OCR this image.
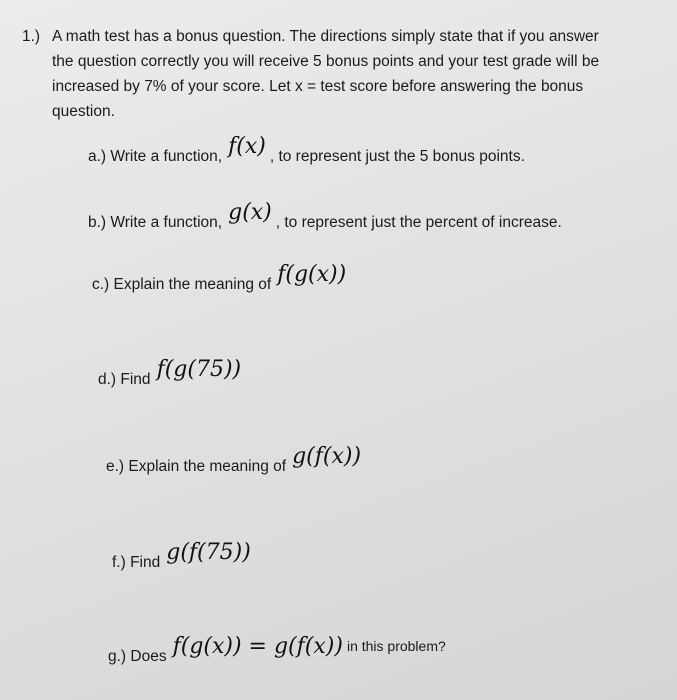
1.) A math test has a bonus question. The directions simply state that if you answer
the question correctly you will receive 5 bonus points and your test grade will be
increased by 7% of your score. Let x = test score before answering the bonus
question.
a.) Write a function, f(x) , to represent just the 5 bonus points.
b.) Write a function, g(x) , to represent just the percent of increase.
c.) Explain the meaning of f(g(x))
d.) Find f(g(75))
e.) Explain the meaning of g(f(x))
f.) Find g(f(75))
g.) Does f(g(x)) = g(f(x)) in this problem?
